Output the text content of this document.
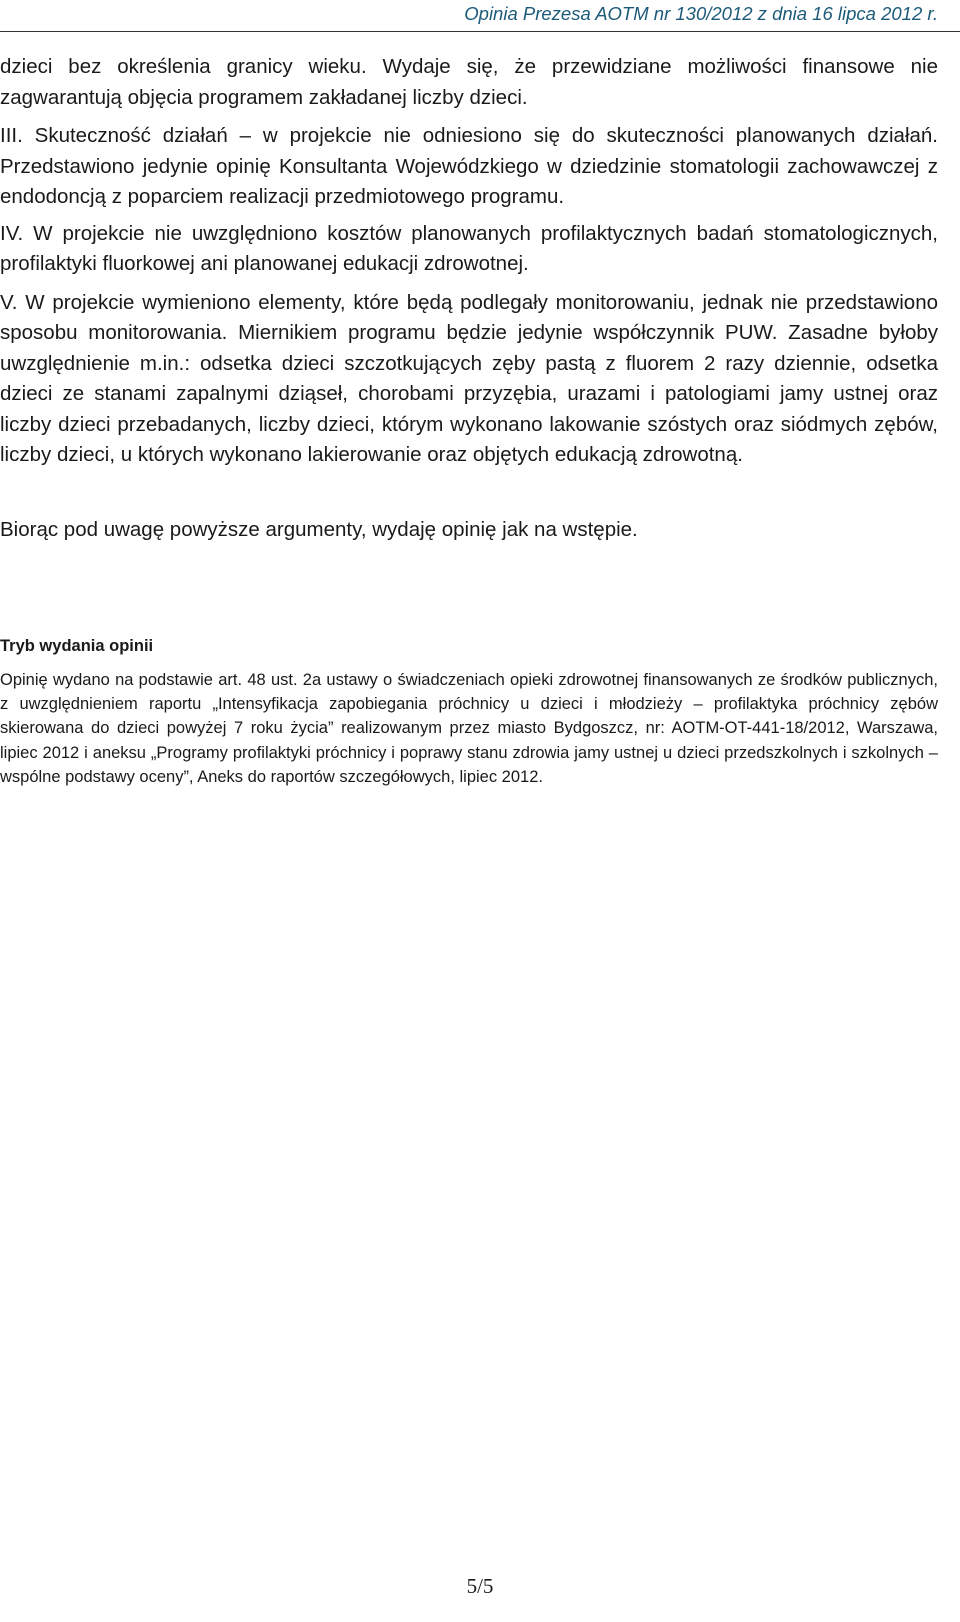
Opinia Prezesa AOTM nr 130/2012 z dnia 16 lipca 2012 r.

dzieci bez określenia granicy wieku. Wydaje się, że przewidziane możliwości finansowe nie zagwarantują objęcia programem zakładanej liczby dzieci.

III. Skuteczność działań – w projekcie nie odniesiono się do skuteczności planowanych działań. Przedstawiono jedynie opinię Konsultanta Wojewódzkiego w dziedzinie stomatologii zachowawczej z endodoncją z poparciem realizacji przedmiotowego programu.

IV. W projekcie nie uwzględniono kosztów planowanych profilaktycznych badań stomatologicznych, profilaktyki fluorkowej ani planowanej edukacji zdrowotnej.

V. W projekcie wymieniono elementy, które będą podlegały monitorowaniu, jednak nie przedstawiono sposobu monitorowania. Miernikiem programu będzie jedynie współczynnik PUW. Zasadne byłoby uwzględnienie m.in.: odsetka dzieci szczotkujących zęby pastą z fluorem 2 razy dziennie, odsetka dzieci ze stanami zapalnymi dziąseł, chorobami przyzębia, urazami i patologiami jamy ustnej oraz liczby dzieci przebadanych, liczby dzieci, którym wykonano lakowanie szóstych oraz siódmych zębów, liczby dzieci, u których wykonano lakierowanie oraz objętych edukacją zdrowotną.

Biorąc pod uwagę powyższe argumenty, wydaję opinię jak na wstępie.

Tryb wydania opinii

Opinię wydano na podstawie art. 48 ust. 2a ustawy o świadczeniach opieki zdrowotnej finansowanych ze środków publicznych, z uwzględnieniem raportu „Intensyfikacja zapobiegania próchnicy u dzieci i młodzieży – profilaktyka próchnicy zębów skierowana do dzieci powyżej 7 roku życia” realizowanym przez miasto Bydgoszcz, nr: AOTM-OT-441-18/2012, Warszawa, lipiec 2012 i aneksu „Programy profilaktyki próchnicy i poprawy stanu zdrowia jamy ustnej u dzieci przedszkolnych i szkolnych – wspólne podstawy oceny”, Aneks do raportów szczegółowych, lipiec 2012.

5/5
